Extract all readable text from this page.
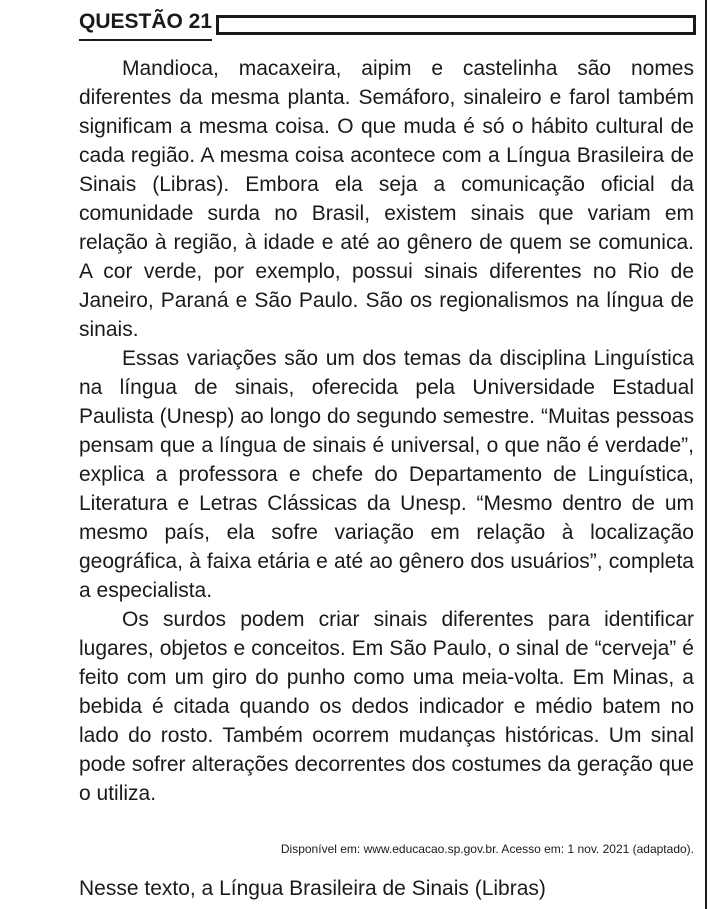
QUESTÃO 21

Mandioca, macaxeira, aipim e castelinha são nomes diferentes da mesma planta. Semáforo, sinaleiro e farol também significam a mesma coisa. O que muda é só o hábito cultural de cada região. A mesma coisa acontece com a Língua Brasileira de Sinais (Libras). Embora ela seja a comunicação oficial da comunidade surda no Brasil, existem sinais que variam em relação à região, à idade e até ao gênero de quem se comunica. A cor verde, por exemplo, possui sinais diferentes no Rio de Janeiro, Paraná e São Paulo. São os regionalismos na língua de sinais.

Essas variações são um dos temas da disciplina Linguística na língua de sinais, oferecida pela Universidade Estadual Paulista (Unesp) ao longo do segundo semestre. “Muitas pessoas pensam que a língua de sinais é universal, o que não é verdade”, explica a professora e chefe do Departamento de Linguística, Literatura e Letras Clássicas da Unesp. “Mesmo dentro de um mesmo país, ela sofre variação em relação à localização geográfica, à faixa etária e até ao gênero dos usuários”, completa a especialista.

Os surdos podem criar sinais diferentes para identificar lugares, objetos e conceitos. Em São Paulo, o sinal de “cerveja” é feito com um giro do punho como uma meia-volta. Em Minas, a bebida é citada quando os dedos indicador e médio batem no lado do rosto. Também ocorrem mudanças históricas. Um sinal pode sofrer alterações decorrentes dos costumes da geração que o utiliza.

Disponível em: www.educacao.sp.gov.br. Acesso em: 1 nov. 2021 (adaptado).
Nesse texto, a Língua Brasileira de Sinais (Libras)
